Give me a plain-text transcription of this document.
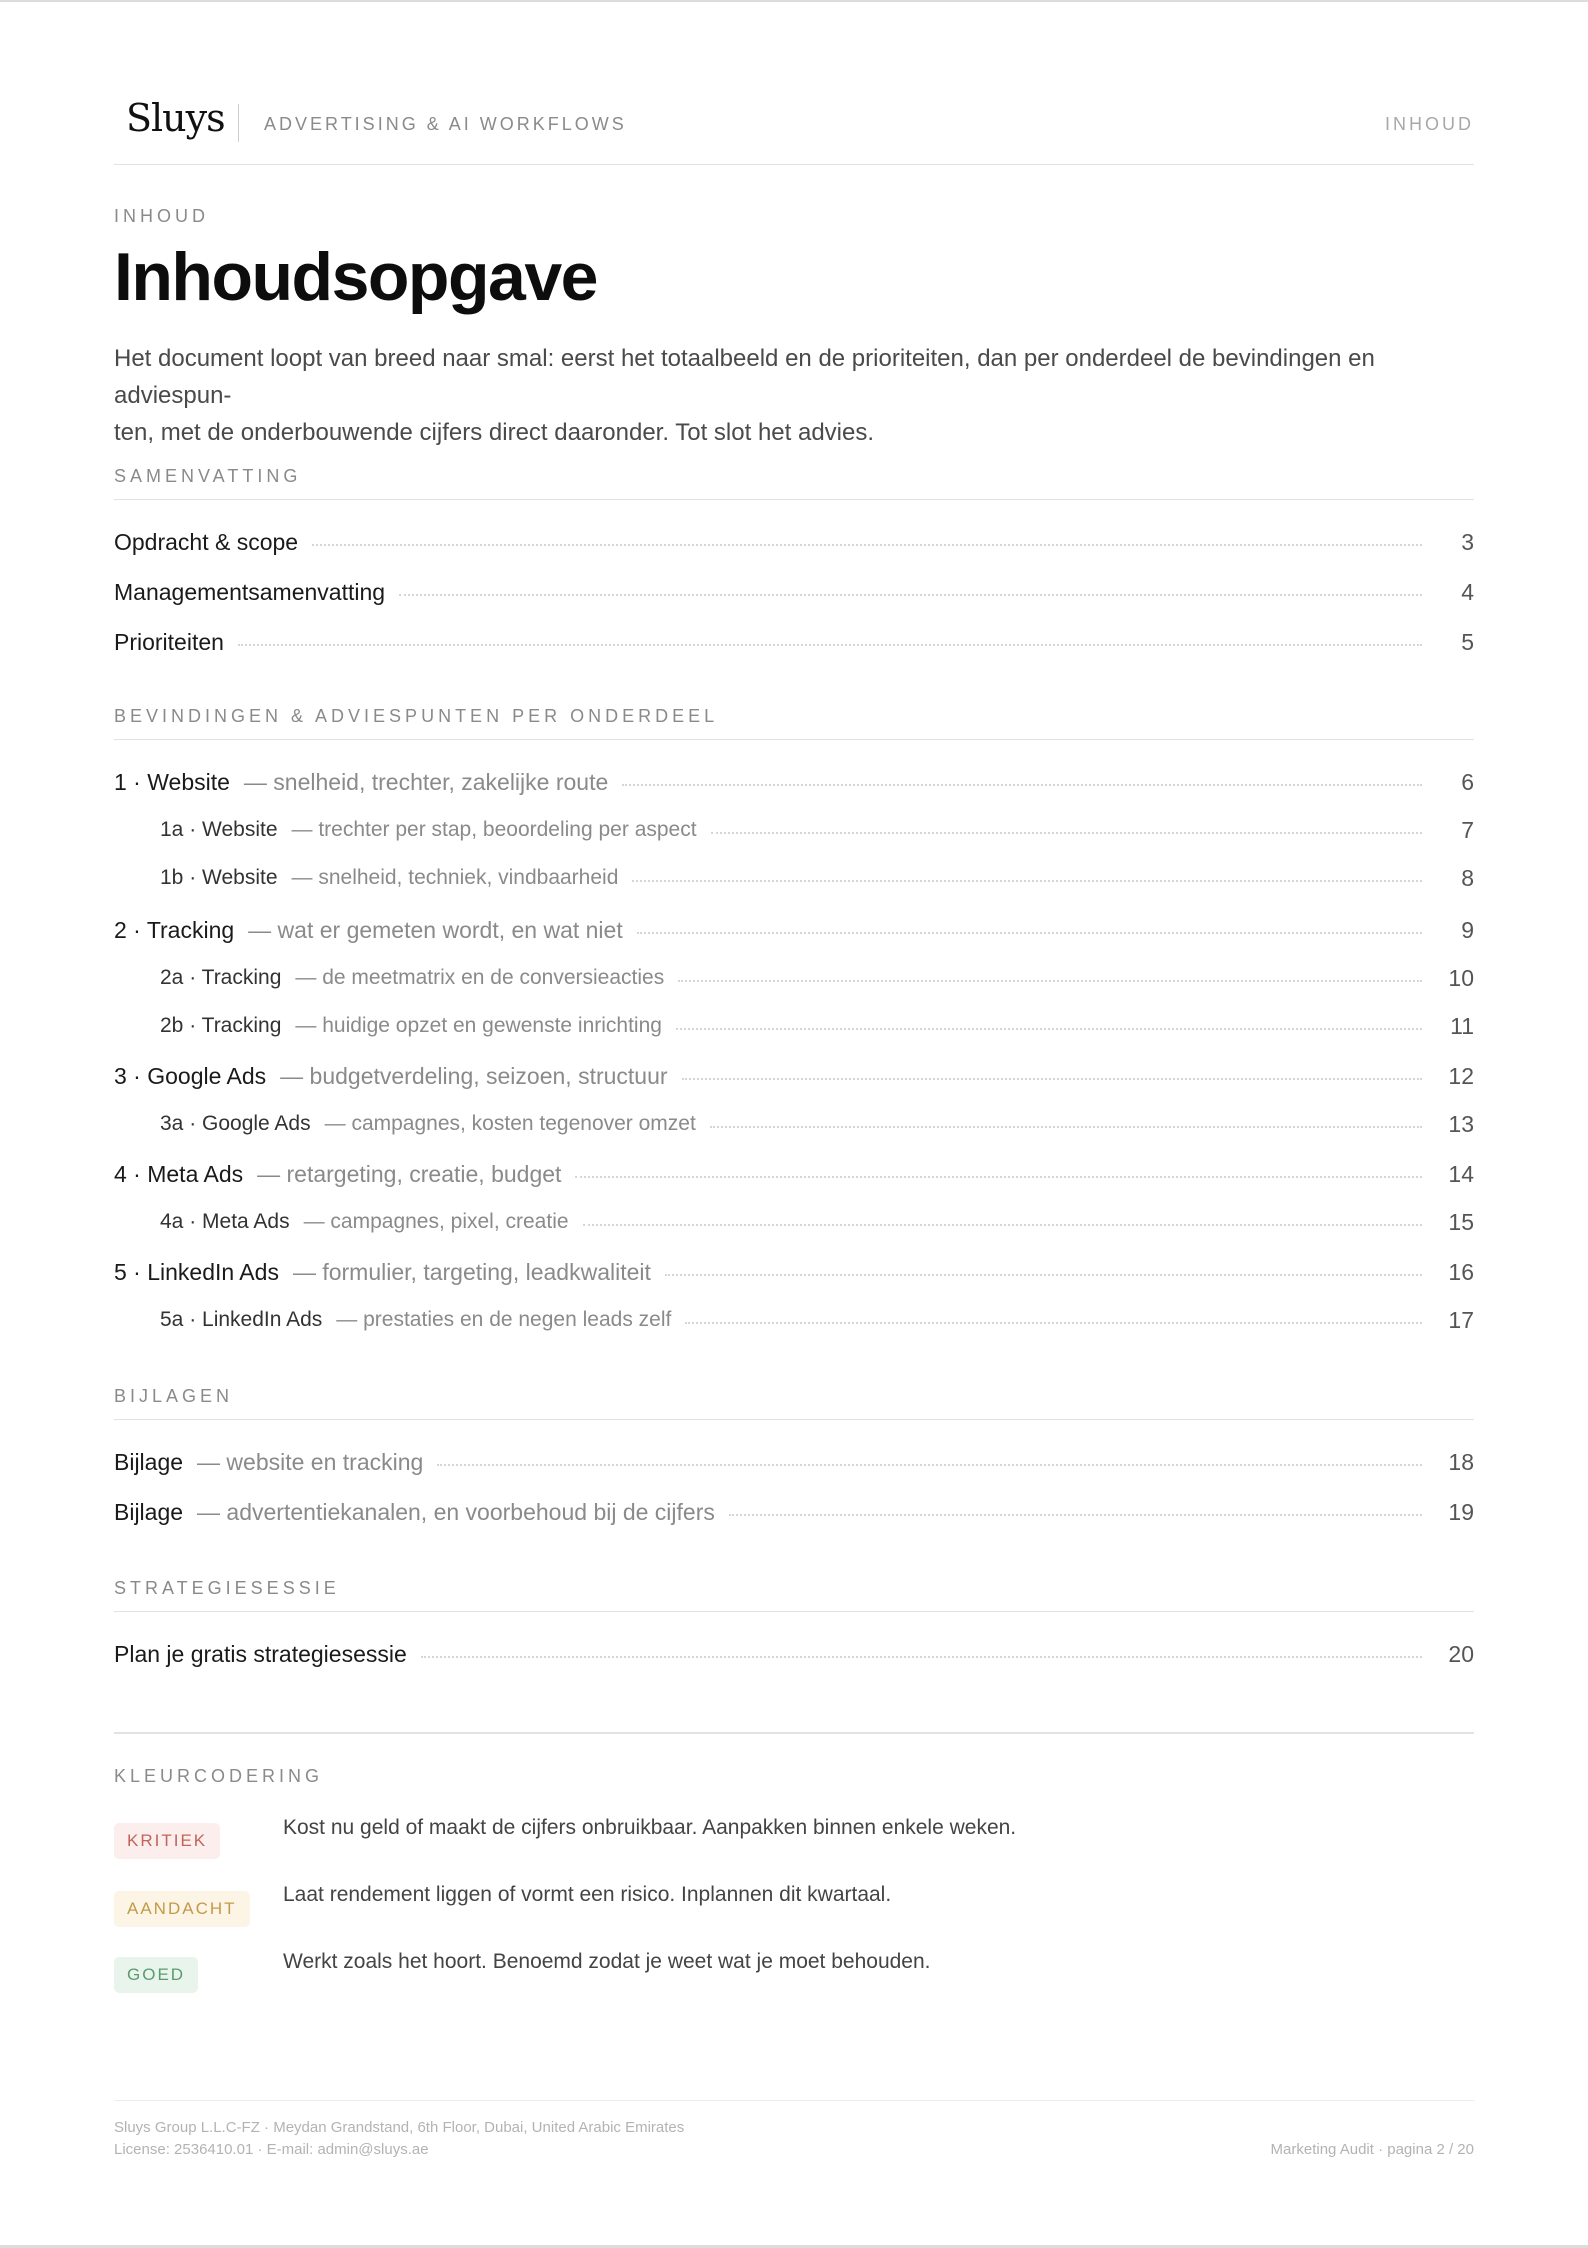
Sluys ADVERTISING & AI WORKFLOWS	INHOUD
INHOUD
Inhoudsopgave
Het document loopt van breed naar smal: eerst het totaalbeeld en de prioriteiten, dan per onderdeel de bevindingen en adviespun-
ten, met de onderbouwende cijfers direct daaronder. Tot slot het advies.
SAMENVATTING
Opdracht & scope	3
Managementsamenvatting	4
Prioriteiten	5
BEVINDINGEN & ADVIESPUNTEN PER ONDERDEEL
1 · Website — snelheid, trechter, zakelijke route	6
1a · Website — trechter per stap, beoordeling per aspect	7
1b · Website — snelheid, techniek, vindbaarheid	8
2 · Tracking — wat er gemeten wordt, en wat niet	9
2a · Tracking — de meetmatrix en de conversieacties	10
2b · Tracking — huidige opzet en gewenste inrichting	11
3 · Google Ads — budgetverdeling, seizoen, structuur	12
3a · Google Ads — campagnes, kosten tegenover omzet	13
4 · Meta Ads — retargeting, creatie, budget	14
4a · Meta Ads — campagnes, pixel, creatie	15
5 · LinkedIn Ads — formulier, targeting, leadkwaliteit	16
5a · LinkedIn Ads — prestaties en de negen leads zelf	17
BIJLAGEN
Bijlage — website en tracking	18
Bijlage — advertentiekanalen, en voorbehoud bij de cijfers	19
STRATEGIESESSIE
Plan je gratis strategiesessie	20
KLEURCODERING
KRITIEK
Kost nu geld of maakt de cijfers onbruikbaar. Aanpakken binnen enkele weken.
AANDACHT
Laat rendement liggen of vormt een risico. Inplannen dit kwartaal.
GOED
Werkt zoals het hoort. Benoemd zodat je weet wat je moet behouden.
Sluys Group L.L.C-FZ · Meydan Grandstand, 6th Floor, Dubai, United Arabic Emirates
License: 2536410.01 · E-mail: admin@sluys.ae	Marketing Audit · pagina 2 / 20
